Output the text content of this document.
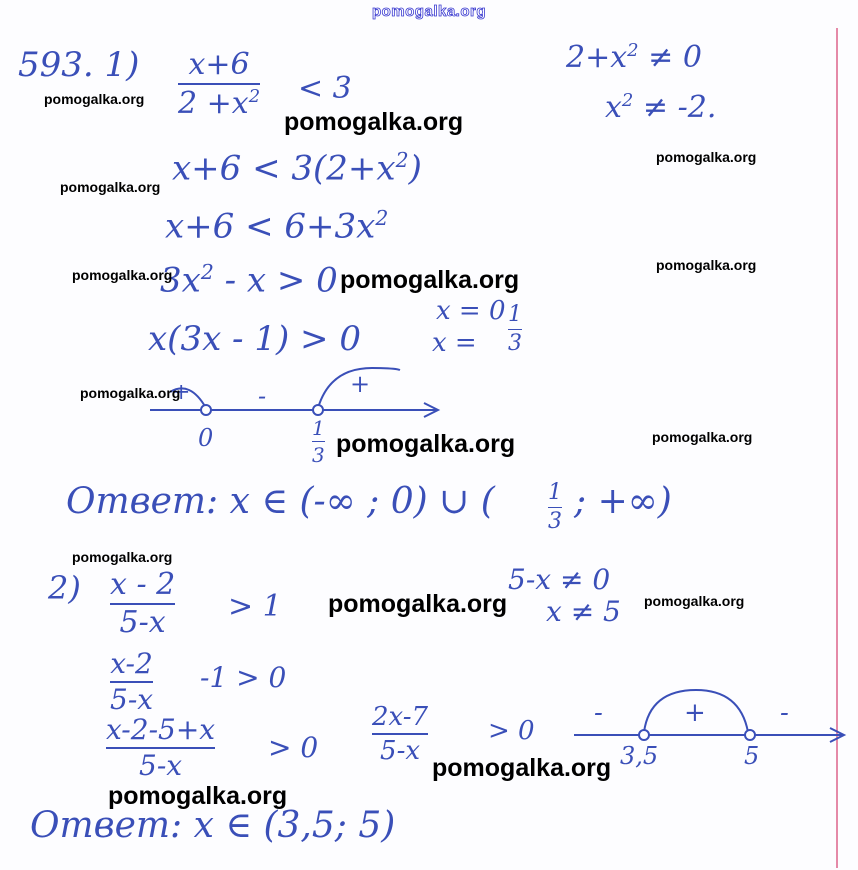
pomogalka.org
593. 1) x+6
$2 +x^2 < 3$
$2+x^2 \ne 0$
$x^2 \ne -2$.
$x+6 < 3(2+x^2)$
$x+6 < 6+3x^2$
$3x^2 - x > 0$
x(3x - 1) > 0
x = 0
x =
1
3
+	-	+
0	1
3
Ответ: x ∈ (-∞ ; 0) ∪ ( 1
3 ; +∞)
2) x - 2
5-x > 1
5-x ≠ 0
x ≠ 5
x-2
5-x
-1 > 0
x-2-5+x
5-x
> 0
2x-7
5-x
> 0
-	+	-
3,5	5
Ответ: x ∈ (3,5; 5)
pomogalka.org
pomogalka.org
pomogalka.org
pomogalka.org
pomogalka.org
pomogalka.org	pomogalka.org
pomogalka.org
pomogalka.org
pomogalka.org
pomogalka.org
pomogalka.org	pomogalka.org
pomogalka.org
pomogalka.org
